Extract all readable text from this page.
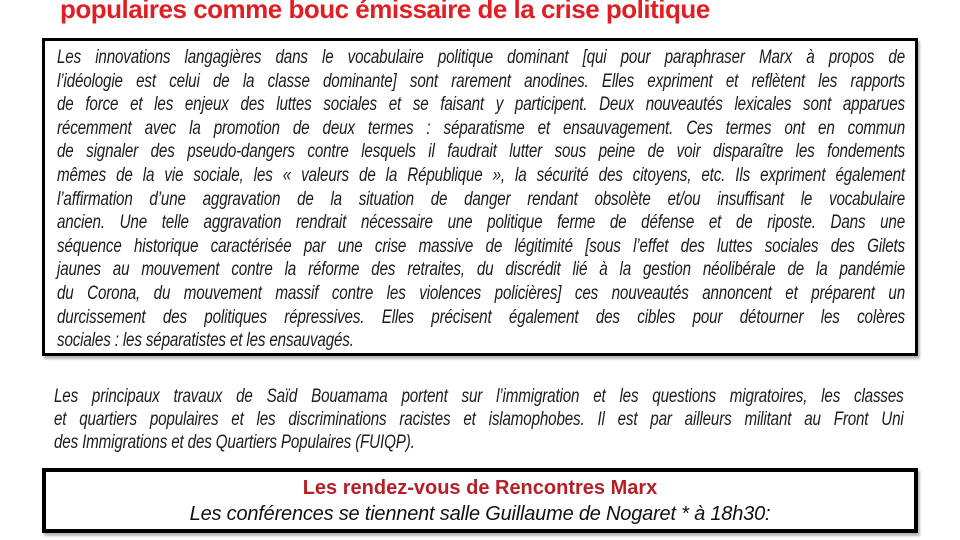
populaires comme bouc émissaire de la crise politique
Les innovations langagières dans le vocabulaire politique dominant [qui pour paraphraser Marx à propos de
l’idéologie est celui de la classe dominante] sont rarement anodines. Elles expriment et reflètent les rapports
de force et les enjeux des luttes sociales et se faisant y participent. Deux nouveautés lexicales sont apparues
récemment avec la promotion de deux termes : séparatisme et ensauvagement. Ces termes ont en commun
de signaler des pseudo-dangers contre lesquels il faudrait lutter sous peine de voir disparaître les fondements
mêmes de la vie sociale, les « valeurs de la République », la sécurité des citoyens, etc. Ils expriment également
l’affirmation d’une aggravation de la situation de danger rendant obsolète et/ou insuffisant le vocabulaire
ancien. Une telle aggravation rendrait nécessaire une politique ferme de défense et de riposte. Dans une
séquence historique caractérisée par une crise massive de légitimité [sous l’effet des luttes sociales des Gilets
jaunes au mouvement contre la réforme des retraites, du discrédit lié à la gestion néolibérale de la pandémie
du Corona, du mouvement massif contre les violences policières] ces nouveautés annoncent et préparent un
durcissement des politiques répressives. Elles précisent également des cibles pour détourner les colères
sociales : les séparatistes et les ensauvagés.
Les principaux travaux de Saïd Bouamama portent sur l’immigration et les questions migratoires, les classes
et quartiers populaires et les discriminations racistes et islamophobes. Il est par ailleurs militant au Front Uni
des Immigrations et des Quartiers Populaires (FUIQP).
Les rendez-vous de Rencontres Marx
Les conférences se tiennent salle Guillaume de Nogaret * à 18h30:
